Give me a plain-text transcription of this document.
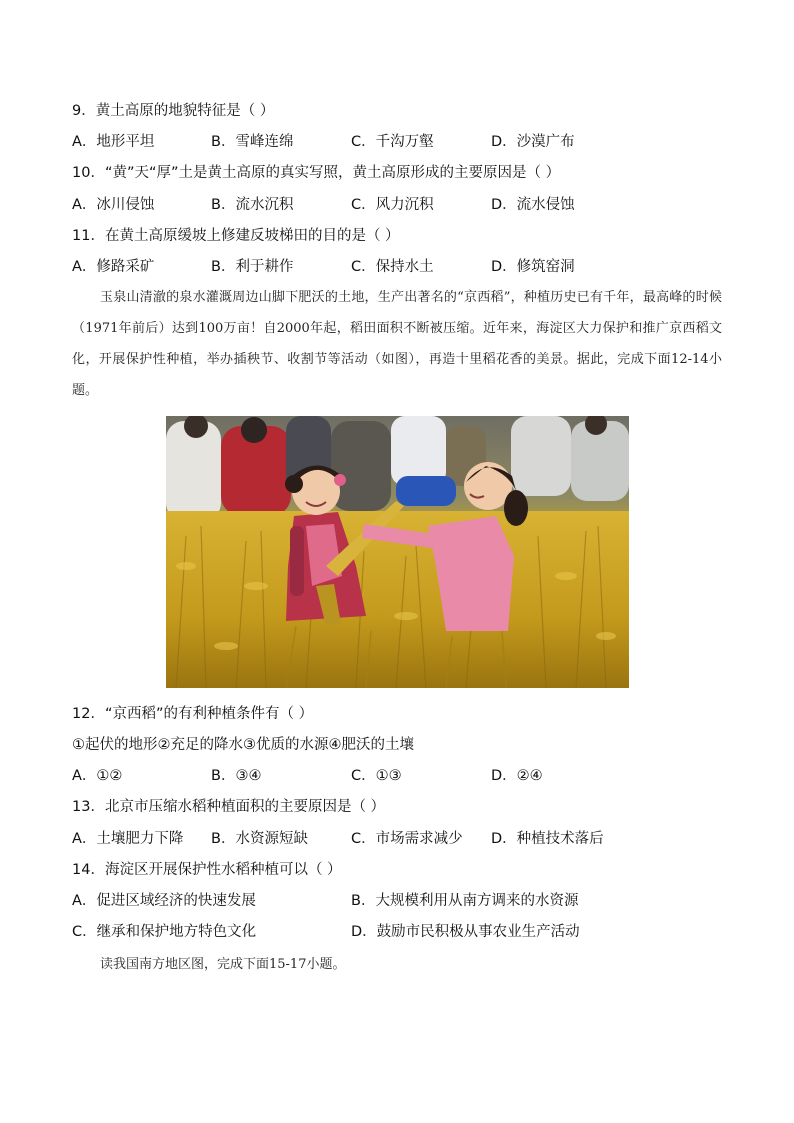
9．黄土高原的地貌特征是（ ）
A．地形平坦	B．雪峰连绵	C．千沟万壑	D．沙漠广布
10．“黄”天“厚”土是黄土高原的真实写照，黄土高原形成的主要原因是（ ）
A．冰川侵蚀	B．流水沉积	C．风力沉积	D．流水侵蚀
11．在黄土高原缓坡上修建反坡梯田的目的是（ ）
A．修路采矿	B．利于耕作	C．保持水土	D．修筑窑洞

玉泉山清澈的泉水灌溉周边山脚下肥沃的土地，生产出著名的“京西稻”，种植历史已有千年，最高峰的时候（1971年前后）达到100万亩！自2000年起，稻田面积不断被压缩。近年来，海淀区大力保护和推广京西稻文化，开展保护性种植，举办插秧节、收割节等活动（如图），再造十里稻花香的美景。据此，完成下面12-14小题。

12．“京西稻”的有利种植条件有（ ）
①起伏的地形②充足的降水③优质的水源④肥沃的土壤
A．①②	B．③④	C．①③	D．②④
13．北京市压缩水稻种植面积的主要原因是（ ）
A．土壤肥力下降 B．水资源短缺	C．市场需求减少 D．种植技术落后
14．海淀区开展保护性水稻种植可以（ ）
A．促进区域经济的快速发展	B．大规模利用从南方调来的水资源
C．继承和保护地方特色文化	D．鼓励市民积极从事农业生产活动
读我国南方地区图，完成下面15-17小题。
